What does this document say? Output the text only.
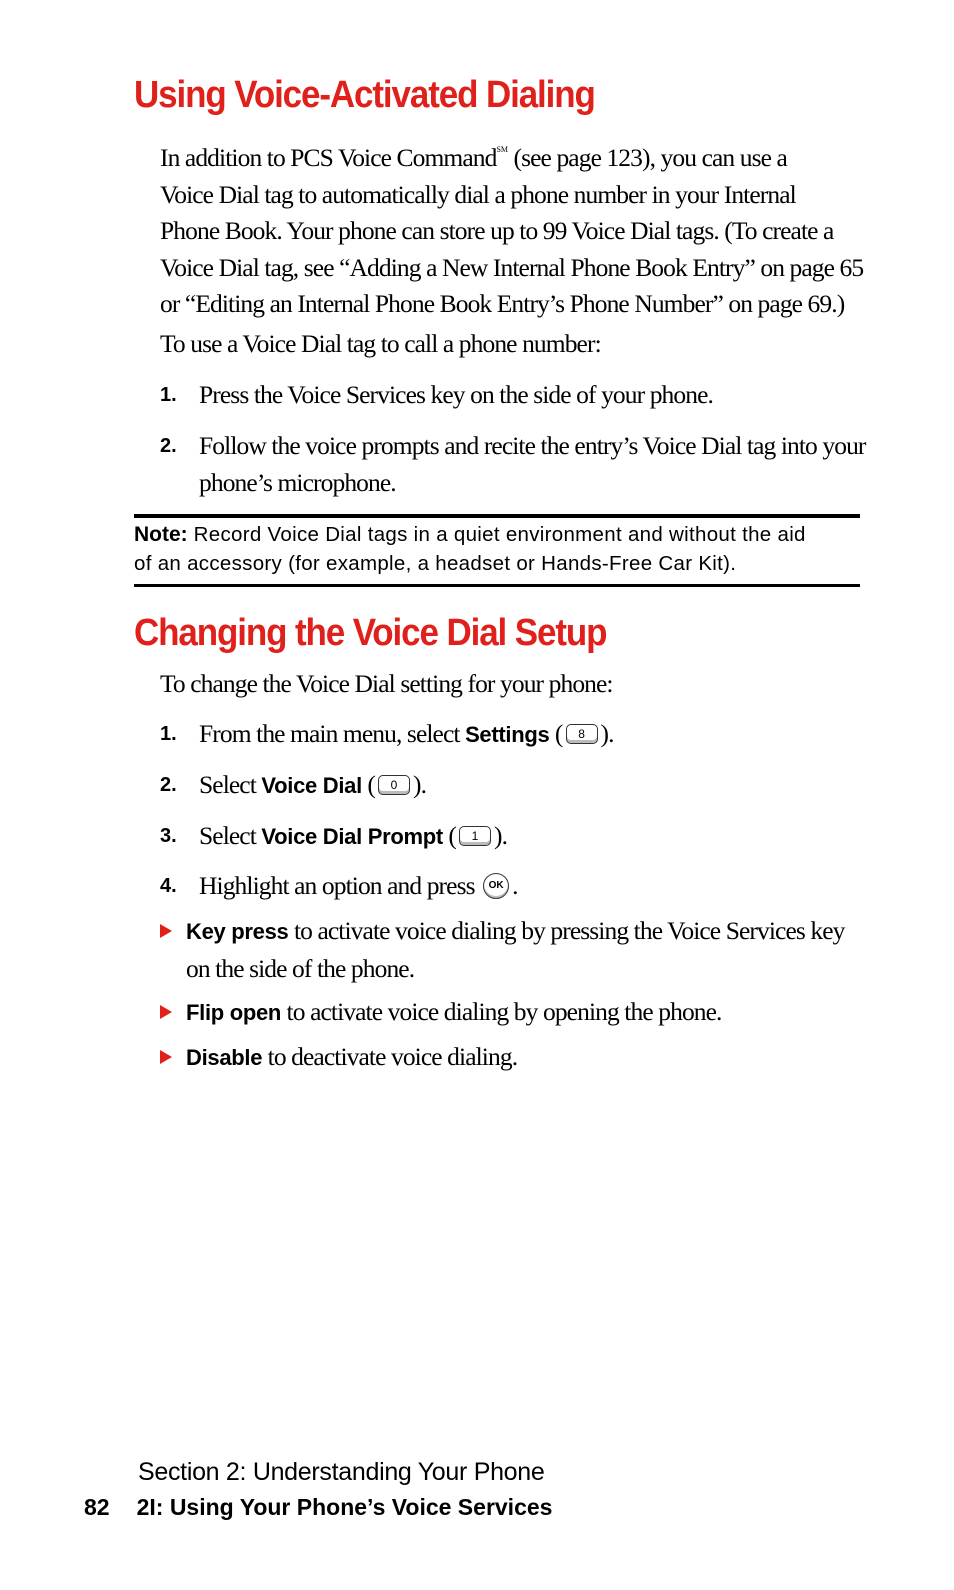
Using Voice-Activated Dialing
In addition to PCS Voice Command℠ (see page 123), you can use a
Voice Dial tag to automatically dial a phone number in your Internal
Phone Book. Your phone can store up to 99 Voice Dial tags. (To create a
Voice Dial tag, see “Adding a New Internal Phone Book Entry” on page 65
or “Editing an Internal Phone Book Entry’s Phone Number” on page 69.)
To use a Voice Dial tag to call a phone number:
1. Press the Voice Services key on the side of your phone.
2. Follow the voice prompts and recite the entry’s Voice Dial tag into your
phone’s microphone.
Note: Record Voice Dial tags in a quiet environment and without the aid
of an accessory (for example, a headset or Hands-Free Car Kit).
Changing the Voice Dial Setup
To change the Voice Dial setting for your phone:
1. From the main menu, select Settings ( 8 ).
2. Select Voice Dial ( 0 ).
3. Select Voice Dial Prompt ( 1 ).
4. Highlight an option and press OK .
Key press to activate voice dialing by pressing the Voice Services key
on the side of the phone.
Flip open to activate voice dialing by opening the phone.
Disable to deactivate voice dialing.
Section 2: Understanding Your Phone
82 2I: Using Your Phone’s Voice Services
